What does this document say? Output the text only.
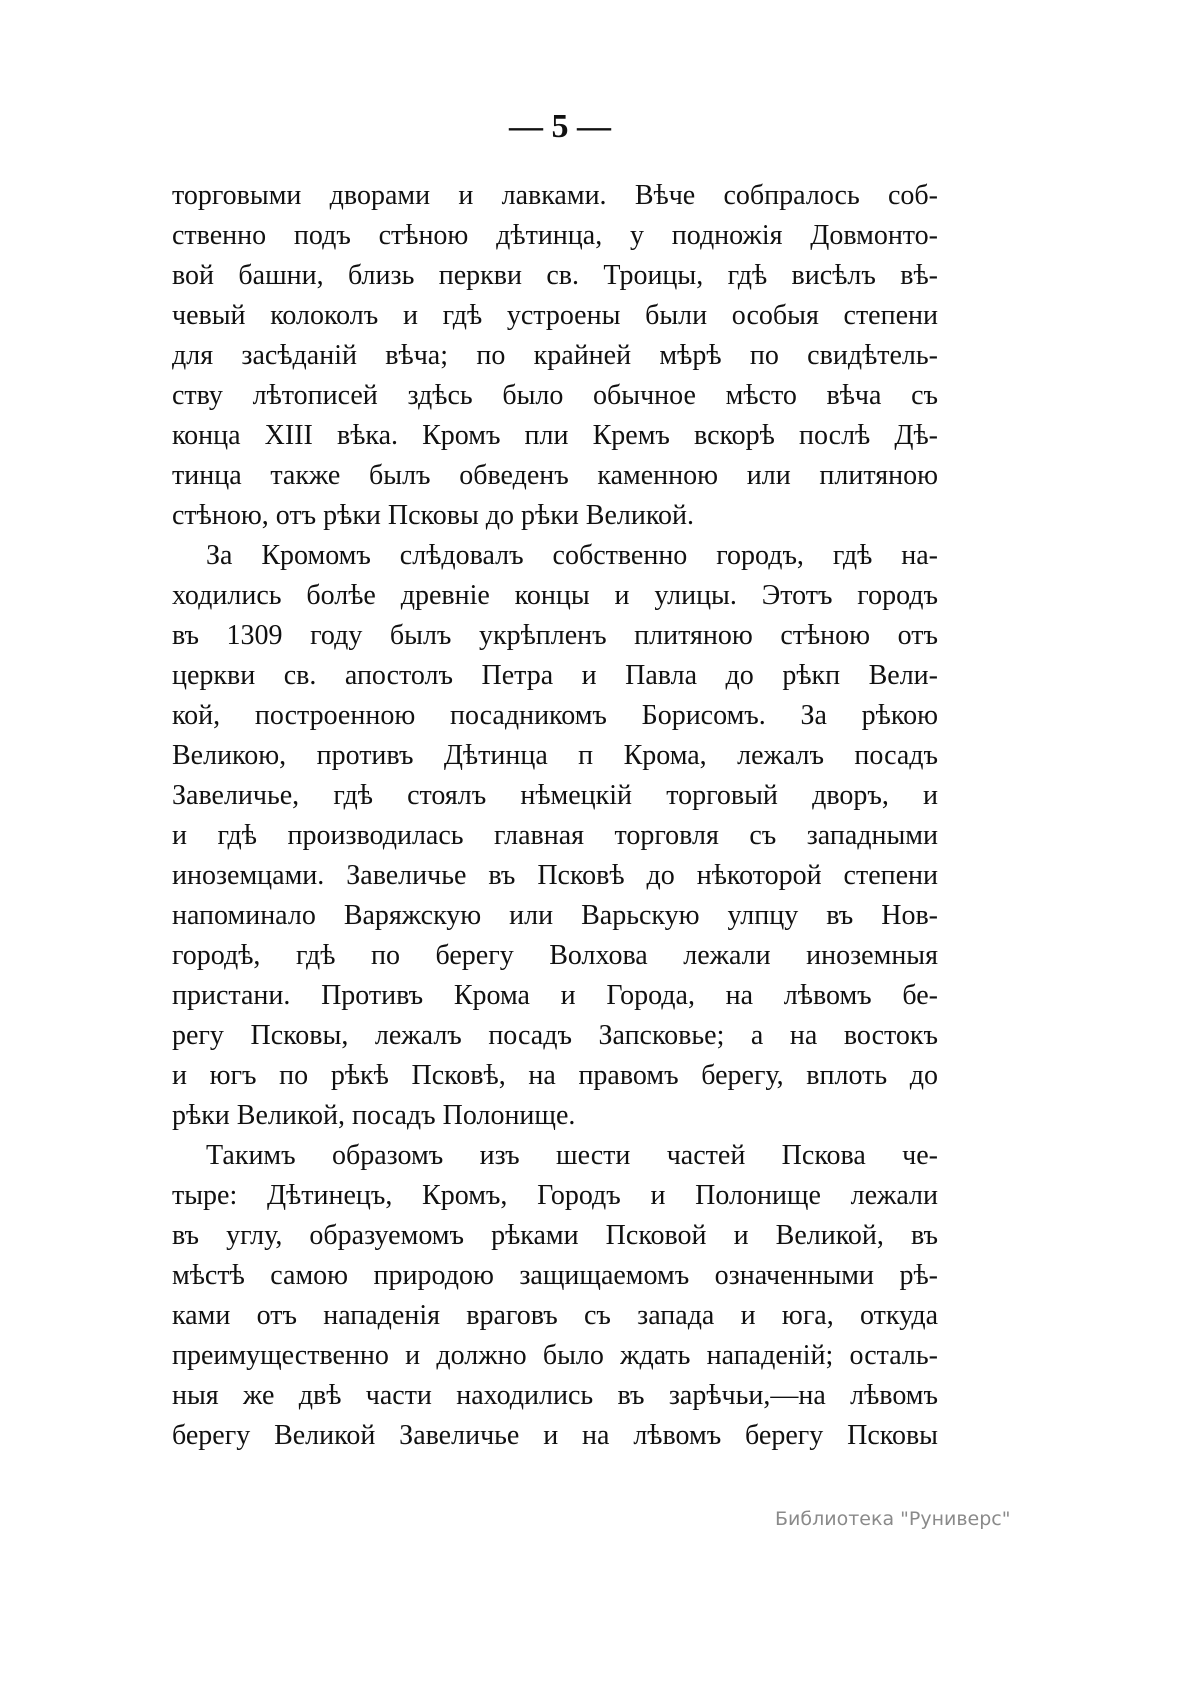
— 5 —
торговыми дворами и лавками. Вѣче собпралось соб-
ственно подъ стѣною дѣтинца, у подножія Довмонто-
вой башни, близь перкви св. Троицы, гдѣ висѣлъ вѣ-
чевый колоколъ и гдѣ устроены были особыя степени
для засѣданій вѣча; по крайней мѣрѣ по свидѣтель-
ству лѣтописей здѣсь было обычное мѣсто вѣча съ
конца XIII вѣка. Кромъ пли Кремъ вскорѣ послѣ Дѣ-
тинца также былъ обведенъ каменною или плитяною
стѣною, отъ рѣки Псковы до рѣки Великой.
За Кромомъ слѣдовалъ собственно городъ, гдѣ на-
ходились болѣе древніе концы и улицы. Этотъ городъ
въ 1309 году былъ укрѣпленъ плитяною стѣною отъ
церкви св. апостолъ Петра и Павла до рѣкп Вели-
кой, построенною посадникомъ Борисомъ. За рѣкою
Великою, противъ Дѣтинца п Крома, лежалъ посадъ
Завеличье, гдѣ стоялъ нѣмецкій торговый дворъ, и
и гдѣ производилась главная торговля съ западными
иноземцами. Завеличье въ Псковѣ до нѣкоторой степени
напоминало Варяжскую или Варьскую улпцу въ Нов-
городѣ, гдѣ по берегу Волхова лежали иноземныя
пристани. Противъ Крома и Города, на лѣвомъ бе-
регу Псковы, лежалъ посадъ Запсковье; а на востокъ
и югъ по рѣкѣ Псковѣ, на правомъ берегу, вплоть до
рѣки Великой, посадъ Полонище.
Такимъ образомъ изъ шести частей Пскова че-
тыре: Дѣтинецъ, Кромъ, Городъ и Полонище лежали
въ углу, образуемомъ рѣками Псковой и Великой, въ
мѣстѣ самою природою защищаемомъ означенными рѣ-
ками отъ нападенія враговъ съ запада и юга, откуда
преимущественно и должно было ждать нападеній; осталь-
ныя же двѣ части находились въ зарѣчьи,—на лѣвомъ
берегу Великой Завеличье и на лѣвомъ берегу Псковы
Библиотека "Руниверс"
